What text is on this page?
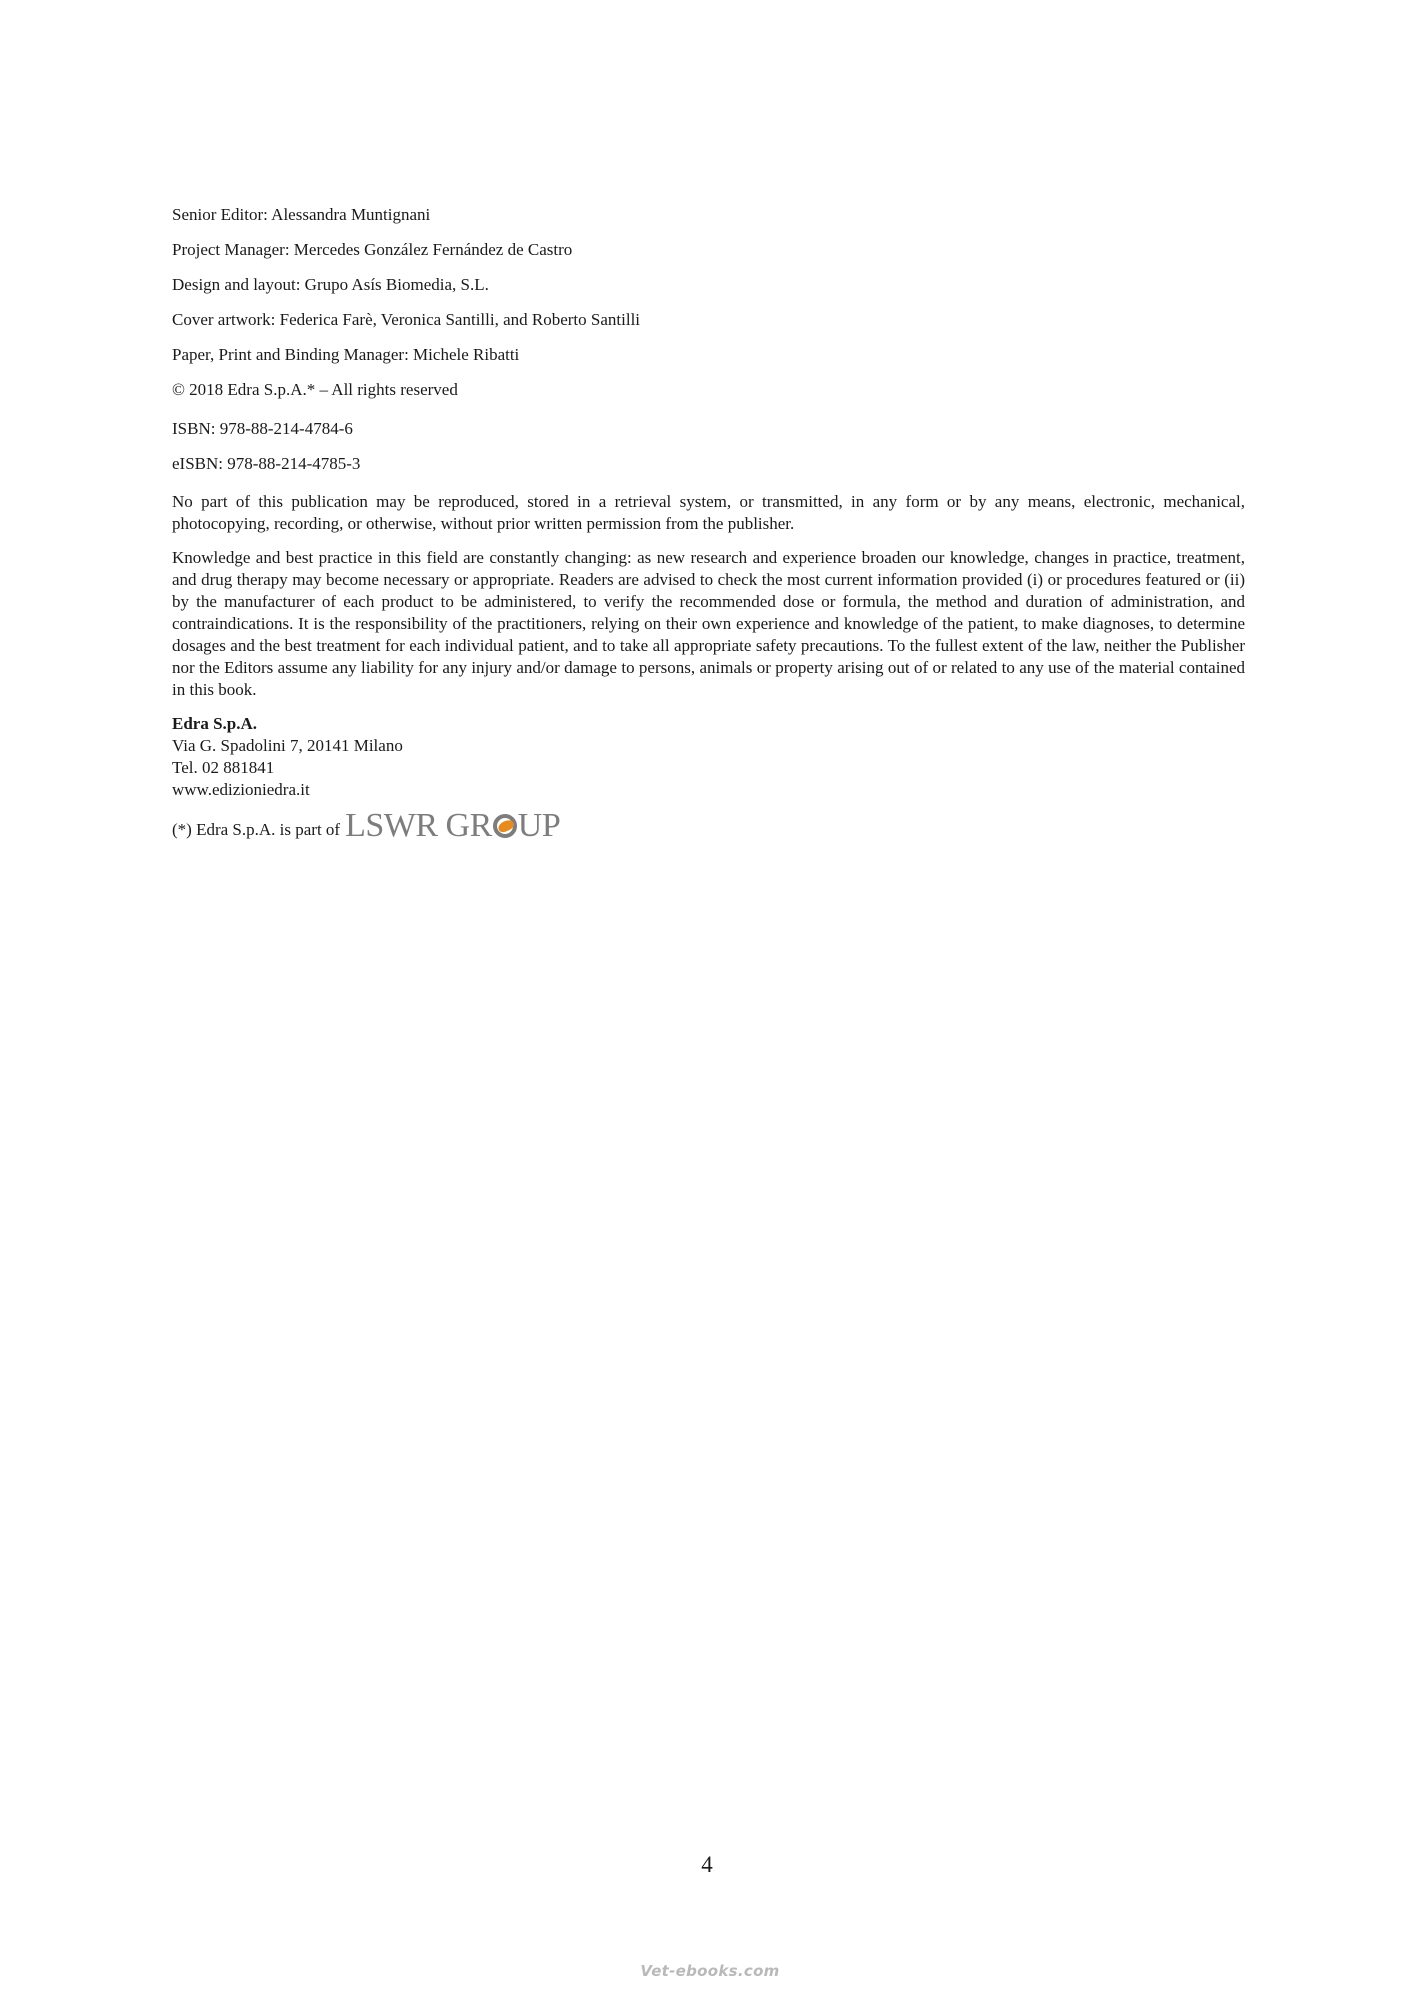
Senior Editor: Alessandra Muntignani

Project Manager: Mercedes González Fernández de Castro

Design and layout: Grupo Asís Biomedia, S.L.

Cover artwork: Federica Farè, Veronica Santilli, and Roberto Santilli

Paper, Print and Binding Manager: Michele Ribatti

© 2018 Edra S.p.A.* – All rights reserved

ISBN: 978-88-214-4784-6

eISBN: 978-88-214-4785-3

No part of this publication may be reproduced, stored in a retrieval system, or transmitted, in any form or by any means, electronic, mechanical, photocopying, recording, or otherwise, without prior written permission from the publisher.

Knowledge and best practice in this field are constantly changing: as new research and experience broaden our knowledge, changes in practice, treatment, and drug therapy may become necessary or appropriate. Readers are advised to check the most current information provided (i) or procedures featured or (ii) by the manufacturer of each product to be administered, to verify the recommended dose or formula, the method and duration of administration, and contraindications. It is the responsibility of the practitioners, relying on their own experience and knowledge of the patient, to make diagnoses, to determine dosages and the best treatment for each individual patient, and to take all appropriate safety precautions. To the fullest extent of the law, neither the Publisher nor the Editors assume any liability for any injury and/or damage to persons, animals or property arising out of or related to any use of the material contained in this book.

Edra S.p.A.
Via G. Spadolini 7, 20141 Milano
Tel. 02 881841
www.edizioniedra.it
(*) Edra S.p.A. is part of LSWR GR UP
4
Vet-ebooks.com
